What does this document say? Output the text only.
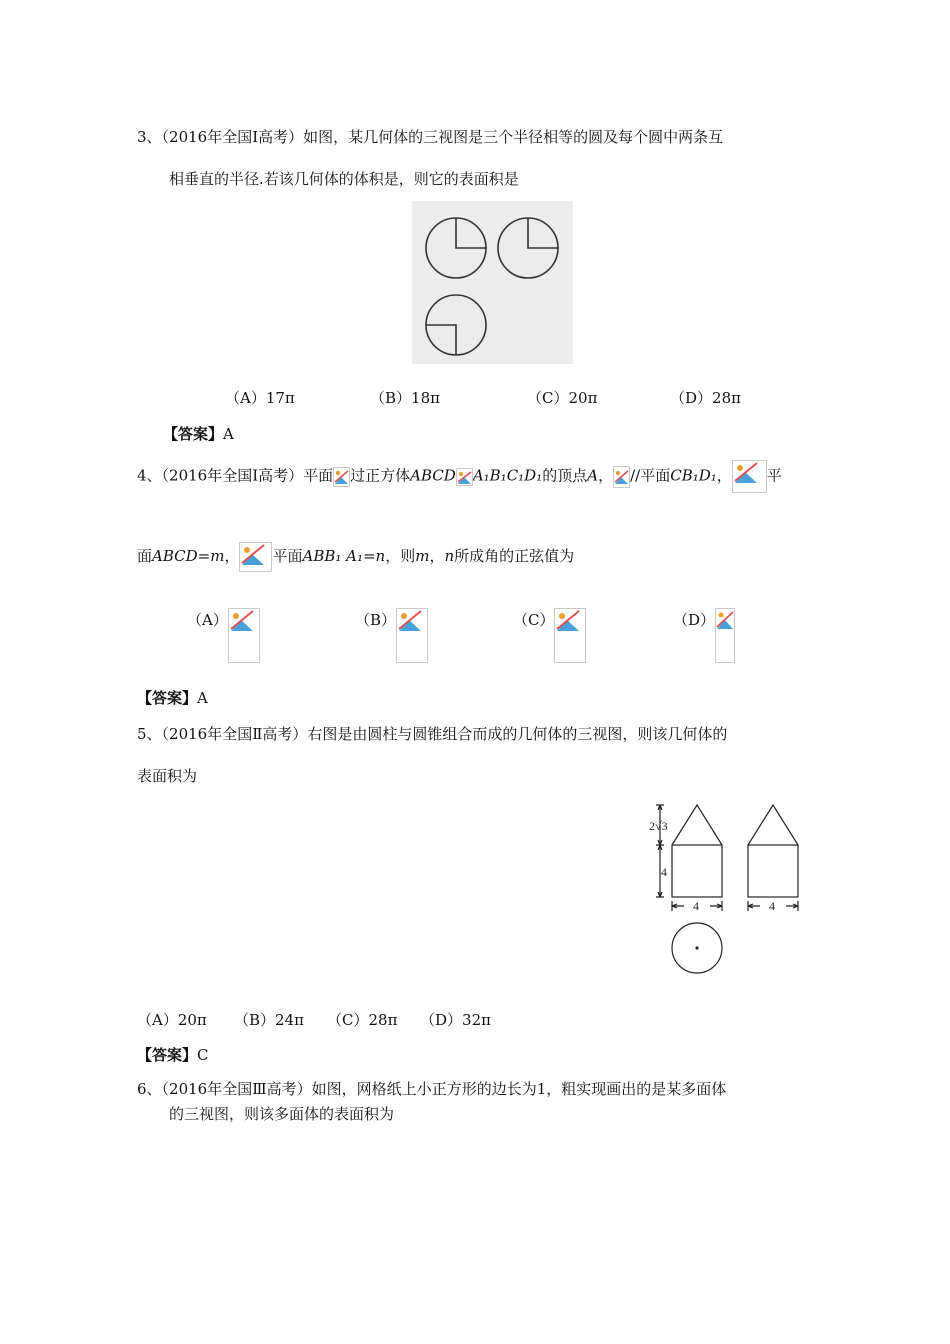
3、（2016年全国Ⅰ高考）如图，某几何体的三视图是三个半径相等的圆及每个圆中两条互
相垂直的半径.若该几何体的体积是，则它的表面积是
（A）17π	（B）18π	（C）20π	（D）28π
【答案】A
4、（2016年全国Ⅰ高考）平面 过正方体ABCD A₁B₁C₁D₁的顶点A， //平面CB₁D₁， 平
面ABCD=m， 平面ABB₁ A₁=n，则m，n所成角的正弦值为
（A）	（B）	（C）	（D）
【答案】A
5、（2016年全国Ⅱ高考）右图是由圆柱与圆锥组合而成的几何体的三视图，则该几何体的
表面积为
2√3
4
4	4
（A）20π （B）24π （C）28π （D）32π
【答案】C
6、（2016年全国Ⅲ高考）如图，网格纸上小正方形的边长为1，粗实现画出的是某多面体
的三视图，则该多面体的表面积为
